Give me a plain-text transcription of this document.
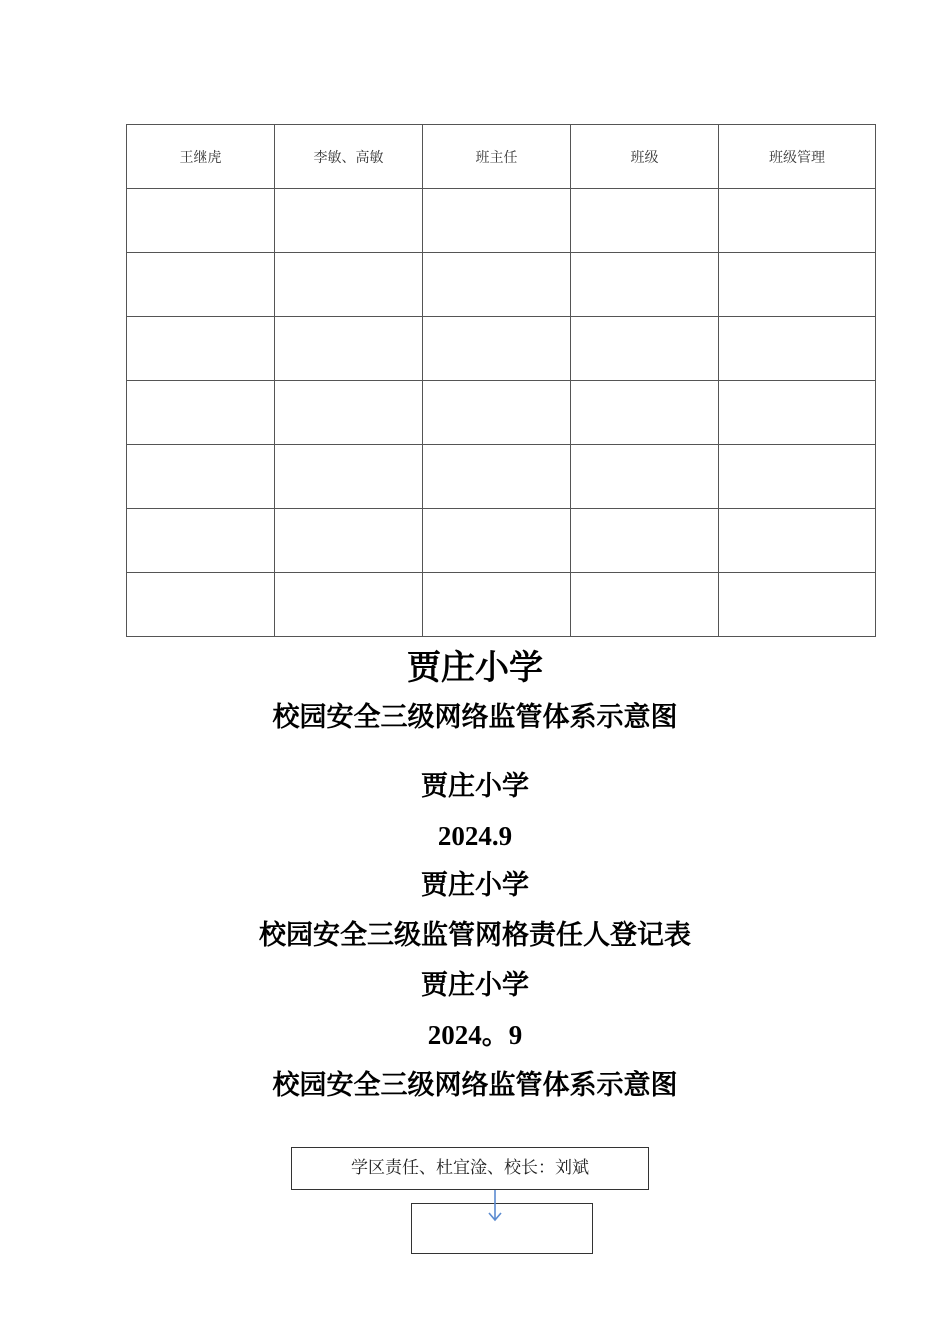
王继虎	李敏、高敏	班主任	班级	班级管理

贾庄小学
校园安全三级网络监管体系示意图
贾庄小学
2024.9
贾庄小学
校园安全三级监管网格责任人登记表
贾庄小学
2024。9
校园安全三级网络监管体系示意图
学区责任、杜宜淦、校长：刘斌
